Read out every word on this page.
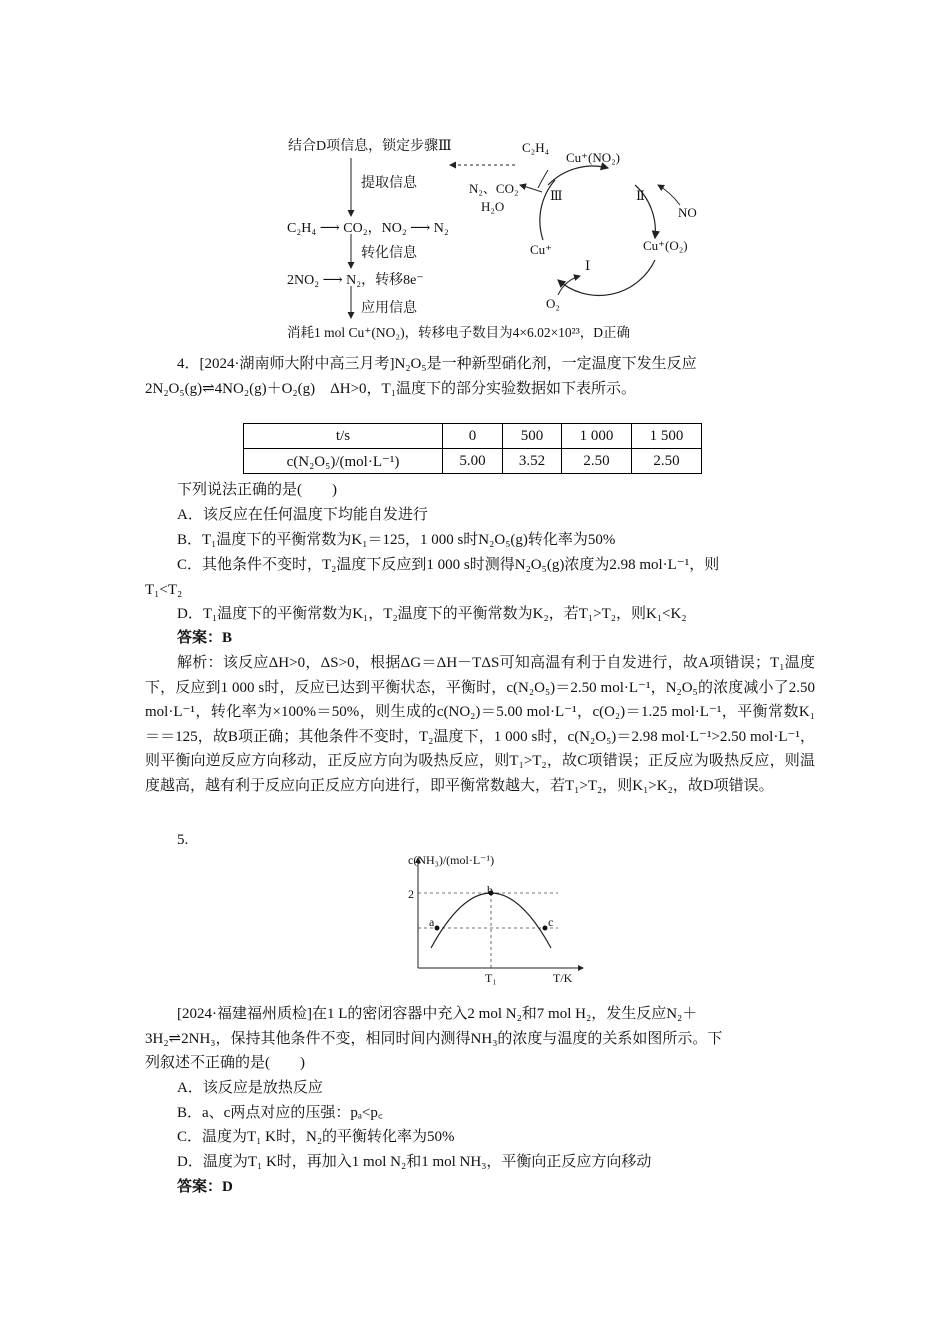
结合D项信息，锁定步骤Ⅲ
提取信息
C₂H₄ ⟶ CO₂，NO₂ ⟶ N₂
转化信息
2NO₂ ⟶ N₂，转移8e⁻
应用信息
消耗1 mol Cu⁺(NO₂)，转移电子数目为4×6.02×10²³，D正确
C₂H₄
Cu⁺(NO₂)
N₂、CO₂
H₂O
Ⅲ	Ⅱ
NO
Cu⁺	Cu⁺(O₂)
Ⅰ
O₂
4．[2024·湖南师大附中高三月考]N₂O₅是一种新型硝化剂，一定温度下发生反应
2N₂O₅(g)⇌4NO₂(g)＋O₂(g)　ΔH>0，T₁温度下的部分实验数据如下表所示。
t/s	0	500	1 000	1 500
c(N₂O₅)/(mol·L⁻¹)	5.00	3.52	2.50	2.50
下列说法正确的是(　　)
A．该反应在任何温度下均能自发进行
B．T₁温度下的平衡常数为K₁＝125，1 000 s时N₂O₅(g)转化率为50%
C．其他条件不变时，T₂温度下反应到1 000 s时测得N₂O₅(g)浓度为2.98 mol·L⁻¹，则
T₁<T₂
D．T₁温度下的平衡常数为K₁，T₂温度下的平衡常数为K₂，若T₁>T₂，则K₁<K₂
答案：B
解析：该反应ΔH>0，ΔS>0，根据ΔG＝ΔH－TΔS可知高温有利于自发进行，故A项错误；T₁温度下，反应到1 000 s时，反应已达到平衡状态，平衡时，c(N₂O₅)＝2.50 mol·L⁻¹，N₂O₅的浓度减小了2.50 mol·L⁻¹，转化率为×100%＝50%，则生成的c(NO₂)＝5.00 mol·L⁻¹，c(O₂)＝1.25 mol·L⁻¹，平衡常数K₁＝＝125，故B项正确；其他条件不变时，T₂温度下，1 000 s时，c(N₂O₅)＝2.98 mol·L⁻¹>2.50 mol·L⁻¹，则平衡向逆反应方向移动，正反应方向为吸热反应，则T₁>T₂，故C项错误；正反应为吸热反应，则温度越高，越有利于反应向正反应方向进行，即平衡常数越大，若T₁>T₂，则K₁>K₂，故D项错误。
5.
c(NH₃)/(mol·L⁻¹)
2
a
b
c
T₁	T/K
[2024·福建福州质检]在1 L的密闭容器中充入2 mol N₂和7 mol H₂，发生反应N₂＋
3H₂⇌2NH₃，保持其他条件不变，相同时间内测得NH₃的浓度与温度的关系如图所示。下
列叙述不正确的是(　　)
A．该反应是放热反应
B．a、c两点对应的压强：pₐ<p꜀
C．温度为T₁ K时，N₂的平衡转化率为50%
D．温度为T₁ K时，再加入1 mol N₂和1 mol NH₃，平衡向正反应方向移动
答案：D
